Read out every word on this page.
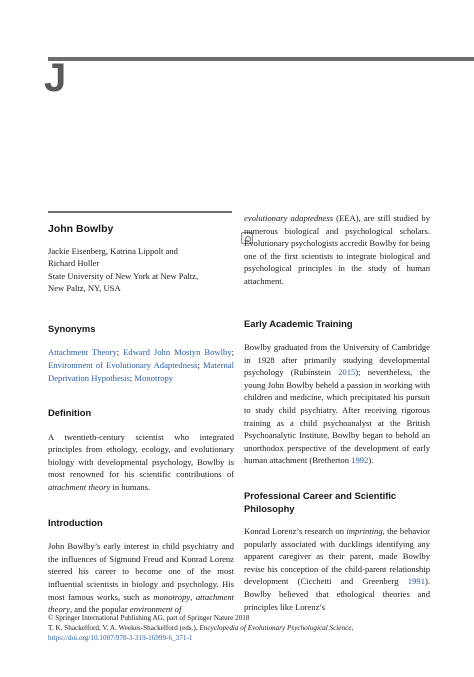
J
John Bowlby
Jackie Eisenberg, Katrina Lippolt and
Richard Holler
State University of New York at New Paltz,
New Paltz, NY, USA
Synonyms

Attachment Theory; Edward John Mostyn Bowlby; Environment of Evolutionary Adaptedness; Maternal Deprivation Hypothesis; Monotropy

Definition

A twentieth-century scientist who integrated principles from ethology, ecology, and evolutionary biology with developmental psychology, Bowlby is most renowned for his scientific contributions of attachment theory in humans.

Introduction

John Bowlby’s early interest in child psychiatry and the influences of Sigmund Freud and Konrad Lorenz steered his career to become one of the most influential scientists in biology and psychology. His most famous works, such as monotropy, attachment theory, and the popular environment of

evolutionary adaptedness (EEA), are still studied by numerous biological and psychological scholars. Evolutionary psychologists accredit Bowlby for being one of the first scientists to integrate biological and psychological principles in the study of human attachment.

Early Academic Training

Bowlby graduated from the University of Cambridge in 1928 after primarily studying developmental psychology (Rubinstein 2015); nevertheless, the young John Bowlby beheld a passion in working with children and medicine, which precipitated his pursuit to study child psychiatry. After receiving rigorous training as a child psychoanalyst at the British Psychoanalytic Institute, Bowlby began to behold an unorthodox perspective of the development of early human attachment (Bretherton 1992).

Professional Career and Scientific Philosophy

Konrad Lorenz’s research on imprinting, the behavior popularly associated with ducklings identifying any apparent caregiver as their parent, made Bowlby revise his conception of the child-parent relationship development (Cicchetti and Greenberg 1991). Bowlby believed that ethological theories and principles like Lorenz’s

© Springer International Publishing AG, part of Springer Nature 2018
T. K. Shackelford, V. A. Weekes-Shackelford (eds.), Encyclopedia of Evolutionary Psychological Science,
https://doi.org/10.1007/978-3-319-16999-6_371-1
